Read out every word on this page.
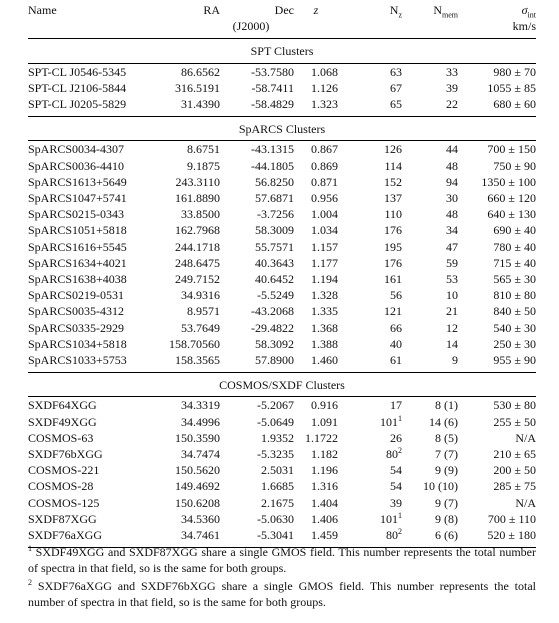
Name	RA	Dec	z	$N_z$	$N_{mem}$	$\sigma_{int}$
	(J2000)					km/s

SPT Clusters						

SPT-CL J0546-5345	86.6562	-53.7580	1.068	63	33	980 ± 70
SPT-CL J2106-5844	316.5191	-58.7411	1.126	67	39	1055 ± 85
SPT-CL J0205-5829	31.4390	-58.4829	1.323	65	22	680 ± 60

SpARCS Clusters						

SpARCS0034-4307	8.6751	-43.1315	0.867	126	44	700 ± 150
SpARCS0036-4410	9.1875	-44.1805	0.869	114	48	750 ± 90
SpARCS1613+5649	243.3110	56.8250	0.871	152	94	1350 ± 100
SpARCS1047+5741	161.8890	57.6871	0.956	137	30	660 ± 120
SpARCS0215-0343	33.8500	-3.7256	1.004	110	48	640 ± 130
SpARCS1051+5818	162.7968	58.3009	1.034	176	34	690 ± 40
SpARCS1616+5545	244.1718	55.7571	1.157	195	47	780 ± 40
SpARCS1634+4021	248.6475	40.3643	1.177	176	59	715 ± 40
SpARCS1638+4038	249.7152	40.6452	1.194	161	53	565 ± 30
SpARCS0219-0531	34.9316	-5.5249	1.328	56	10	810 ± 80
SpARCS0035-4312	8.9571	-43.2068	1.335	121	21	840 ± 50
SpARCS0335-2929	53.7649	-29.4822	1.368	66	12	540 ± 30
SpARCS1034+5818	158.70560	58.3092	1.388	40	14	250 ± 30
SpARCS1033+5753	158.3565	57.8900	1.460	61	9	955 ± 90

COSMOS/SXDF Clusters						

SXDF64XGG	34.3319	-5.2067	0.916	17	8 (1)	530 ± 80
SXDF49XGG	34.4996	-5.0649	1.091	$101^1$	14 (6)	255 ± 50
COSMOS-63	150.3590	1.9352	1.1722	26	8 (5)	N/A
SXDF76bXGG	34.7474	-5.3235	1.182	$80^2$	7 (7)	210 ± 65
COSMOS-221	150.5620	2.5031	1.196	54	9 (9)	200 ± 50
COSMOS-28	149.4692	1.6685	1.316	54	10 (10)	285 ± 75
COSMOS-125	150.6208	2.1675	1.404	39	9 (7)	N/A
SXDF87XGG	34.5360	-5.0630	1.406	$101^1$	9 (8)	700 ± 110
SXDF76aXGG	34.7461	-5.3041	1.459	$80^2$	6 (6)	520 ± 180

$^1$ SXDF49XGG and SXDF87XGG share a single GMOS field. This number represents the total number of spectra in that field, so is the same for both groups.

$^2$ SXDF76aXGG and SXDF76bXGG share a single GMOS field. This number represents the total number of spectra in that field, so is the same for both groups.
